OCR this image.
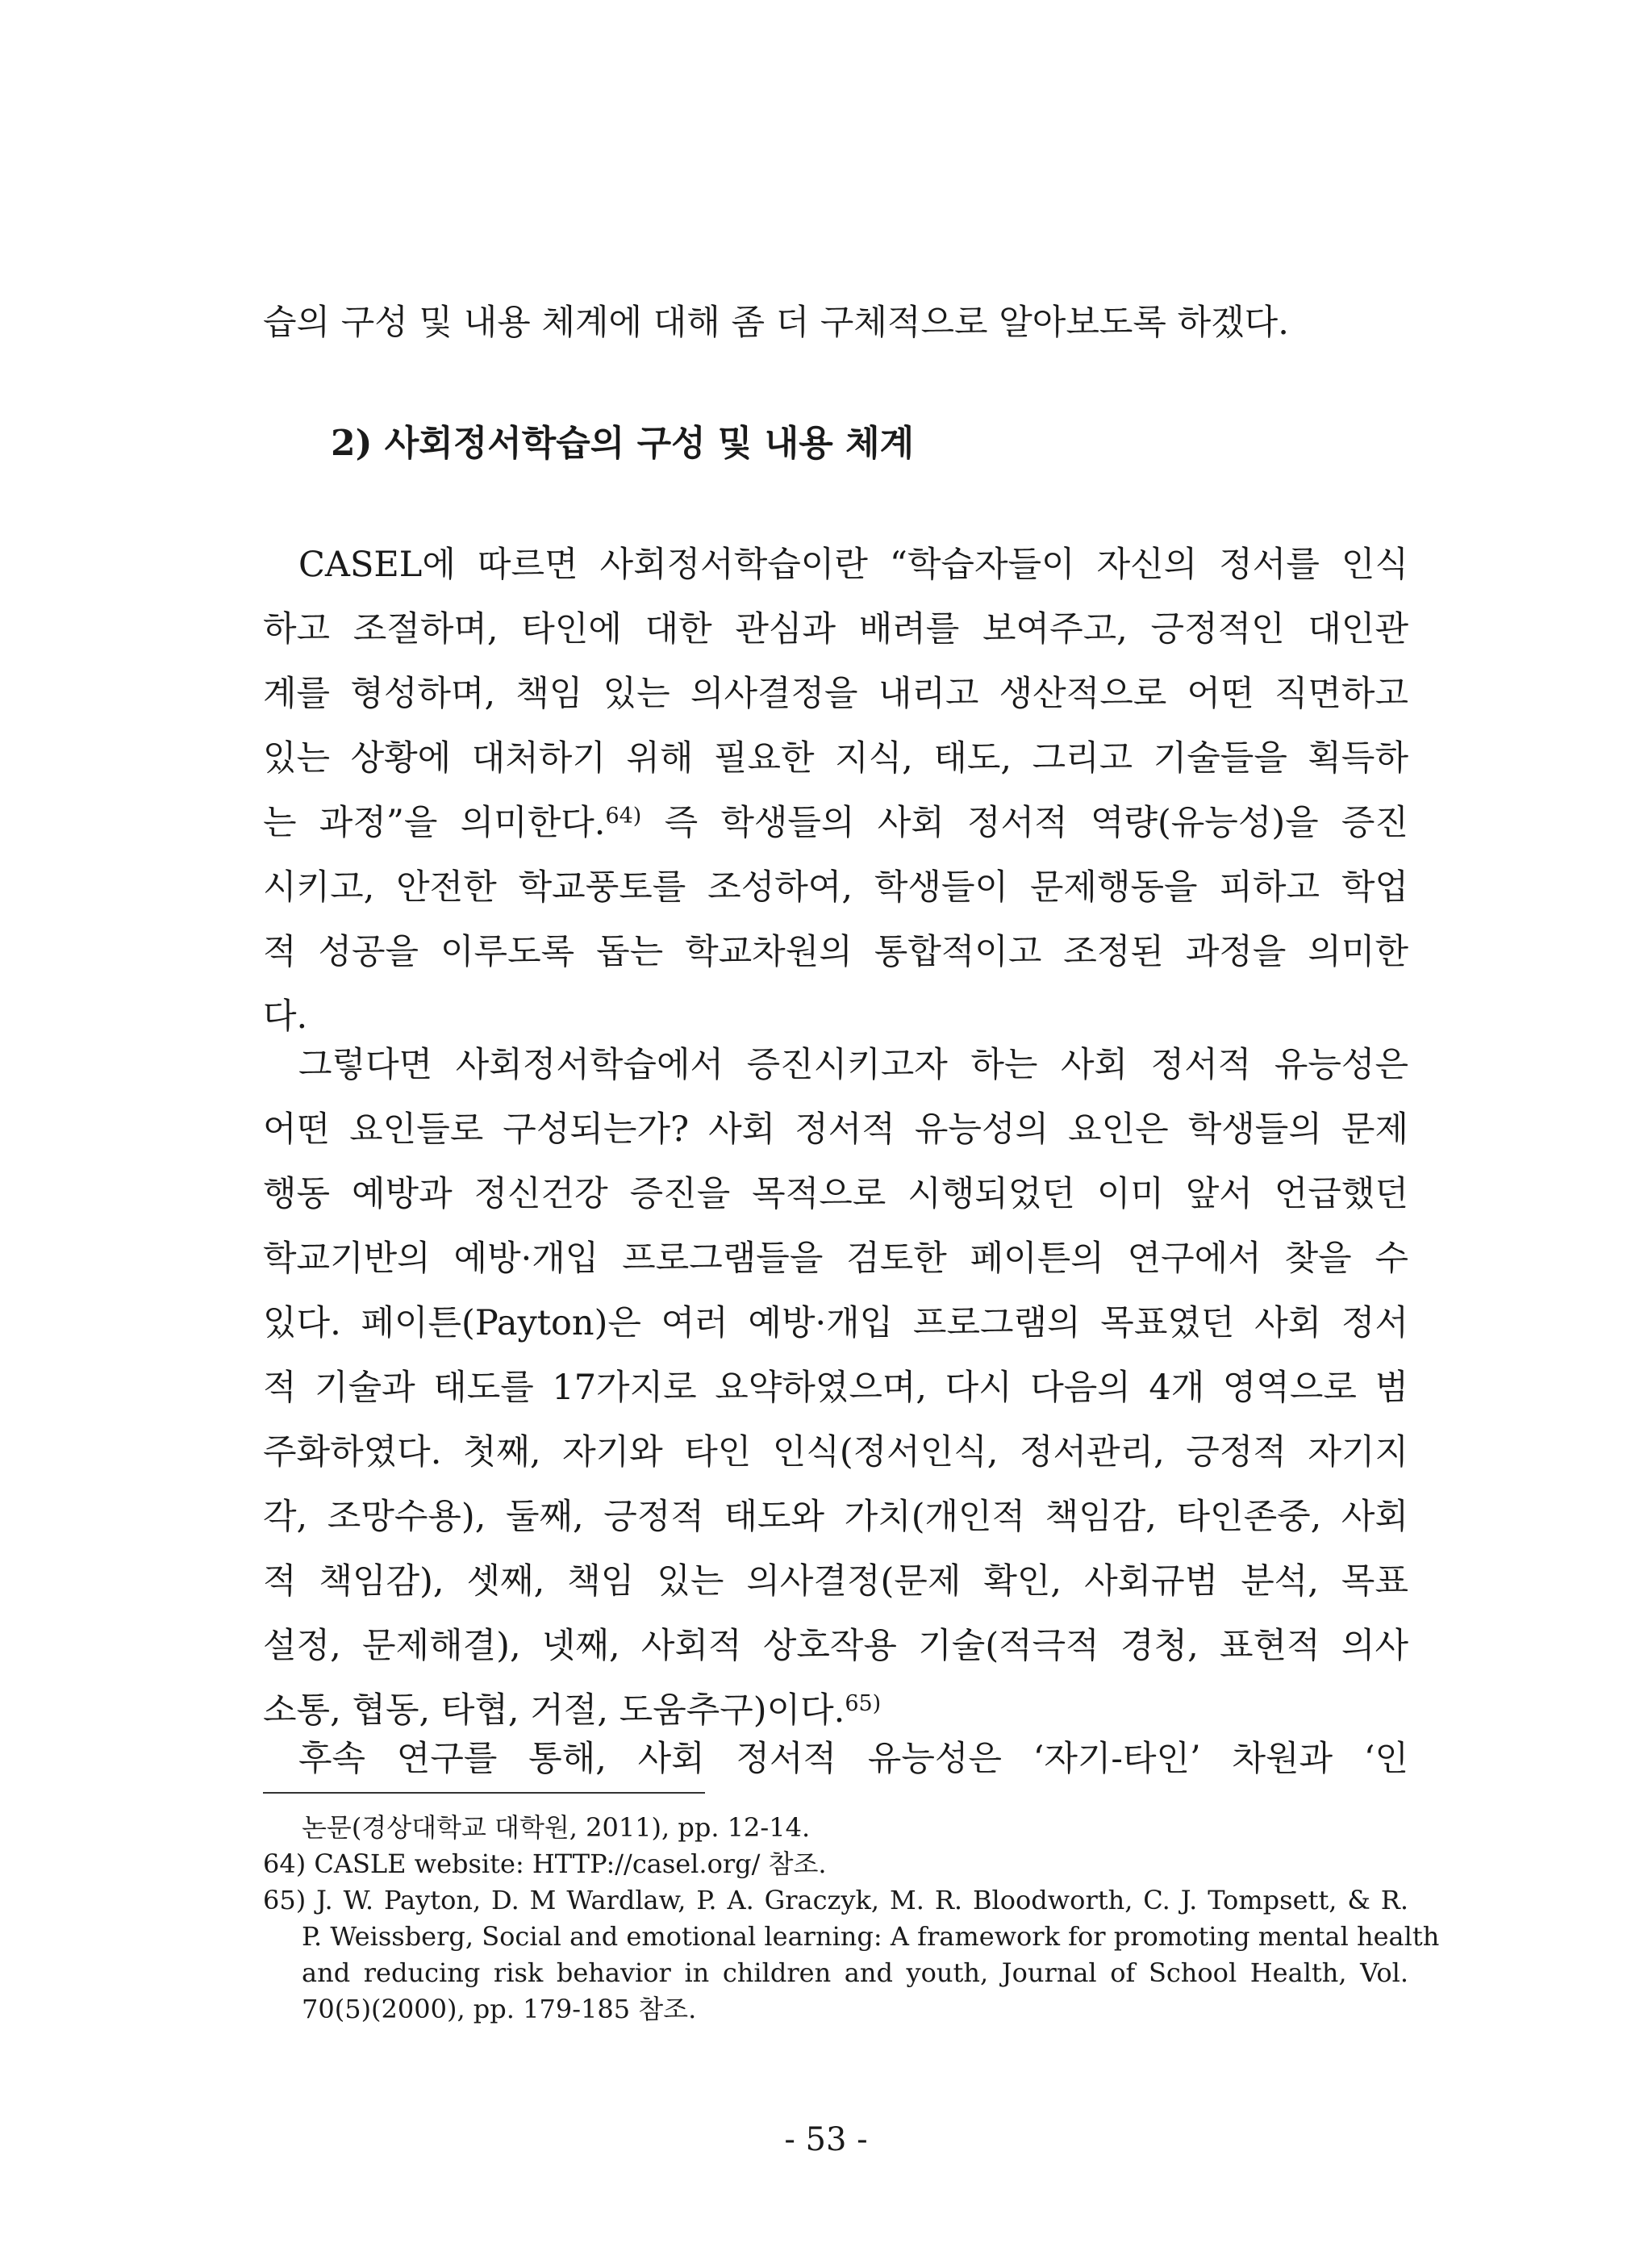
습의 구성 및 내용 체계에 대해 좀 더 구체적으로 알아보도록 하겠다.
2) 사회정서학습의 구성 및 내용 체계
CASEL에 따르면 사회정서학습이란 “학습자들이 자신의 정서를 인식
하고 조절하며, 타인에 대한 관심과 배려를 보여주고, 긍정적인 대인관
계를 형성하며, 책임 있는 의사결정을 내리고 생산적으로 어떤 직면하고
있는 상황에 대처하기 위해 필요한 지식, 태도, 그리고 기술들을 획득하
는 과정”을 의미한다.$^{64)}$ 즉 학생들의 사회 정서적 역량(유능성)을 증진
시키고, 안전한 학교풍토를 조성하여, 학생들이 문제행동을 피하고 학업
적 성공을 이루도록 돕는 학교차원의 통합적이고 조정된 과정을 의미한
다.
그렇다면 사회정서학습에서 증진시키고자 하는 사회 정서적 유능성은
어떤 요인들로 구성되는가? 사회 정서적 유능성의 요인은 학생들의 문제
행동 예방과 정신건강 증진을 목적으로 시행되었던 이미 앞서 언급했던
학교기반의 예방·개입 프로그램들을 검토한 페이튼의 연구에서 찾을 수
있다. 페이튼(Payton)은 여러 예방·개입 프로그램의 목표였던 사회 정서
적 기술과 태도를 17가지로 요약하였으며, 다시 다음의 4개 영역으로 범
주화하였다. 첫째, 자기와 타인 인식(정서인식, 정서관리, 긍정적 자기지
각, 조망수용), 둘째, 긍정적 태도와 가치(개인적 책임감, 타인존중, 사회
적 책임감), 셋째, 책임 있는 의사결정(문제 확인, 사회규범 분석, 목표
설정, 문제해결), 넷째, 사회적 상호작용 기술(적극적 경청, 표현적 의사
소통, 협동, 타협, 거절, 도움추구)이다.$^{65)}$
후속 연구를 통해, 사회 정서적 유능성은 ‘자기-타인’ 차원과 ‘인
논문(경상대학교 대학원, 2011), pp. 12-14.
64) CASLE website: HTTP://casel.org/ 참조.
65) J. W. Payton, D. M Wardlaw, P. A. Graczyk, M. R. Bloodworth, C. J. Tompsett, & R.
P. Weissberg, Social and emotional learning: A framework for promoting mental health
and reducing risk behavior in children and youth, Journal of School Health, Vol.
70(5)(2000), pp. 179-185 참조.
- 53 -
